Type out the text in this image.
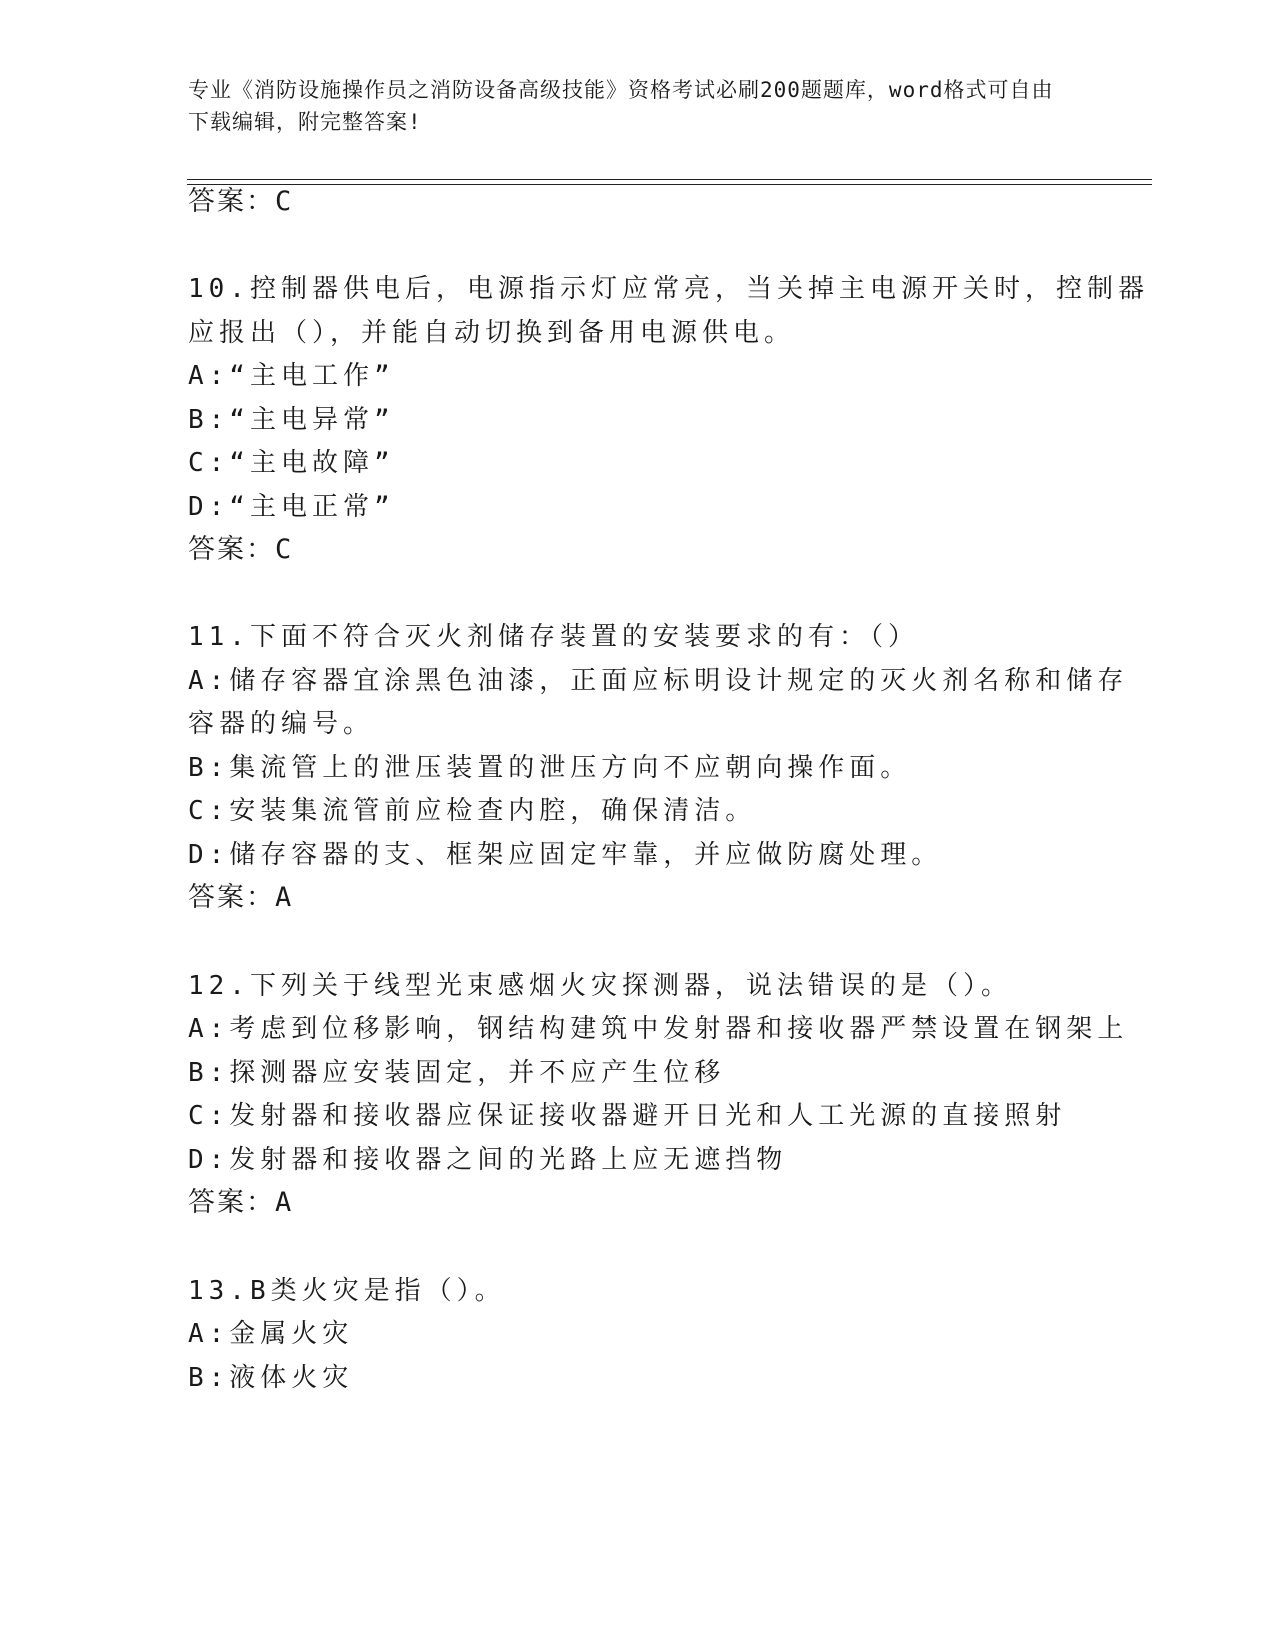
专业《消防设施操作员之消防设备高级技能》资格考试必刷200题题库，word格式可自由下载编辑，附完整答案!
答案：C
10.控制器供电后，电源指示灯应常亮，当关掉主电源开关时，控制器
应报出（），并能自动切换到备用电源供电。
A:“主电工作”
B:“主电异常”
C:“主电故障”
D:“主电正常”
答案：C
11.下面不符合灭火剂储存装置的安装要求的有：（）
A:储存容器宜涂黑色油漆，正面应标明设计规定的灭火剂名称和储存
容器的编号。
B:集流管上的泄压装置的泄压方向不应朝向操作面。
C:安装集流管前应检查内腔，确保清洁。
D:储存容器的支、框架应固定牢靠，并应做防腐处理。
答案：A
12.下列关于线型光束感烟火灾探测器，说法错误的是（）。
A:考虑到位移影响，钢结构建筑中发射器和接收器严禁设置在钢架上
B:探测器应安装固定，并不应产生位移
C:发射器和接收器应保证接收器避开日光和人工光源的直接照射
D:发射器和接收器之间的光路上应无遮挡物
答案：A
13.B类火灾是指（）。
A:金属火灾
B:液体火灾
